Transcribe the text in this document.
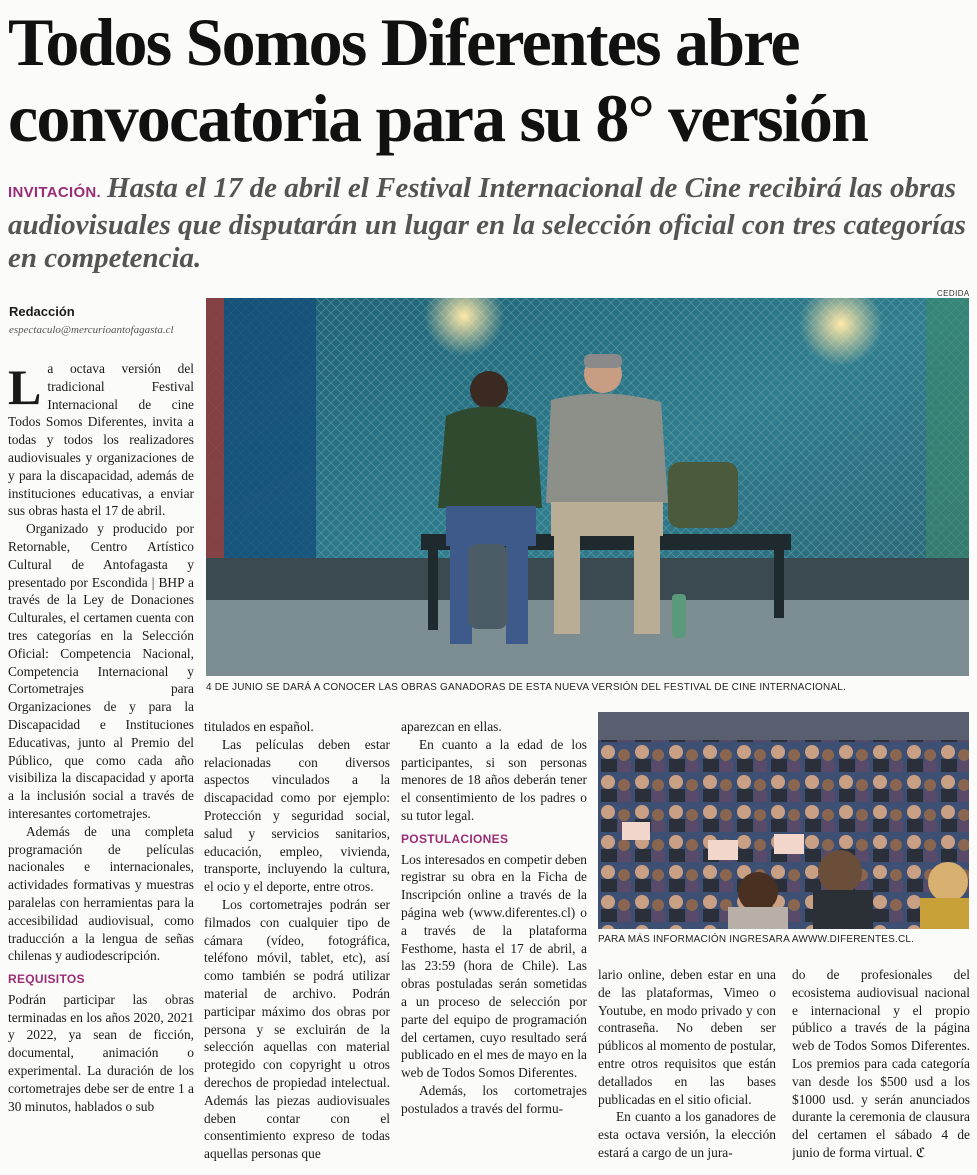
Todos Somos Diferentes abre convocatoria para su 8° versión

INVITACIÓN. Hasta el 17 de abril el Festival Internacional de Cine recibirá las obras audiovisuales que disputarán un lugar en la selección oficial con tres categorías en competencia.

Redacción
espectaculo@mercurioantofagasta.cl
CEDIDA
4 DE JUNIO SE DARÁ A CONOCER LAS OBRAS GANADORAS DE ESTA NUEVA VERSIÓN DEL FESTIVAL DE CINE INTERNACIONAL.
PARA MÁS INFORMACIÓN INGRESARA AWWW.DIFERENTES.CL.

La octava versión del tradicional Festival Internacional de cine Todos Somos Diferentes, invita a todas y todos los realizadores audiovisuales y organizaciones de y para la discapacidad, además de instituciones educativas, a enviar sus obras hasta el 17 de abril.

Organizado y producido por Retornable, Centro Artístico Cultural de Antofagasta y presentado por Escondida | BHP a través de la Ley de Donaciones Culturales, el certamen cuenta con tres categorías en la Selección Oficial: Competencia Nacional, Competencia Internacional y Cortometrajes para Organizaciones de y para la Discapacidad e Instituciones Educativas, junto al Premio del Público, que como cada año visibiliza la discapacidad y aporta a la inclusión social a través de interesantes cortometrajes.

Además de una completa programación de películas nacionales e internacionales, actividades formativas y muestras paralelas con herramientas para la accesibilidad audiovisual, como traducción a la lengua de señas chilenas y audiodescripción.

REQUISITOS

Podrán participar las obras terminadas en los años 2020, 2021 y 2022, ya sean de ficción, documental, animación o experimental. La duración de los cortometrajes debe ser de entre 1 a 30 minutos, hablados o sub

titulados en español.

Las películas deben estar relacionadas con diversos aspectos vinculados a la discapacidad como por ejemplo: Protección y seguridad social, salud y servicios sanitarios, educación, empleo, vivienda, transporte, incluyendo la cultura, el ocio y el deporte, entre otros.

Los cortometrajes podrán ser filmados con cualquier tipo de cámara (vídeo, fotográfica, teléfono móvil, tablet, etc), así como también se podrá utilizar material de archivo. Podrán participar máximo dos obras por persona y se excluirán de la selección aquellas con material protegido con copyright u otros derechos de propiedad intelectual. Además las piezas audiovisuales deben contar con el consentimiento expreso de todas aquellas personas que

aparezcan en ellas.

En cuanto a la edad de los participantes, si son personas menores de 18 años deberán tener el consentimiento de los padres o su tutor legal.

POSTULACIONES

Los interesados en competir deben registrar su obra en la Ficha de Inscripción online a través de la página web (www.diferentes.cl) o a través de la plataforma Festhome, hasta el 17 de abril, a las 23:59 (hora de Chile). Las obras postuladas serán sometidas a un proceso de selección por parte del equipo de programación del certamen, cuyo resultado será publicado en el mes de mayo en la web de Todos Somos Diferentes.

Además, los cortometrajes postulados a través del formu-

lario online, deben estar en una de las plataformas, Vimeo o Youtube, en modo privado y con contraseña. No deben ser públicos al momento de postular, entre otros requisitos que están detallados en las bases publicadas en el sitio oficial.

En cuanto a los ganadores de esta octava versión, la elección estará a cargo de un jura-

do de profesionales del ecosistema audiovisual nacional e internacional y el propio público a través de la página web de Todos Somos Diferentes. Los premios para cada categoría van desde los $500 usd a los $1000 usd. y serán anunciados durante la ceremonia de clausura del certamen el sábado 4 de junio de forma virtual. ℭ
